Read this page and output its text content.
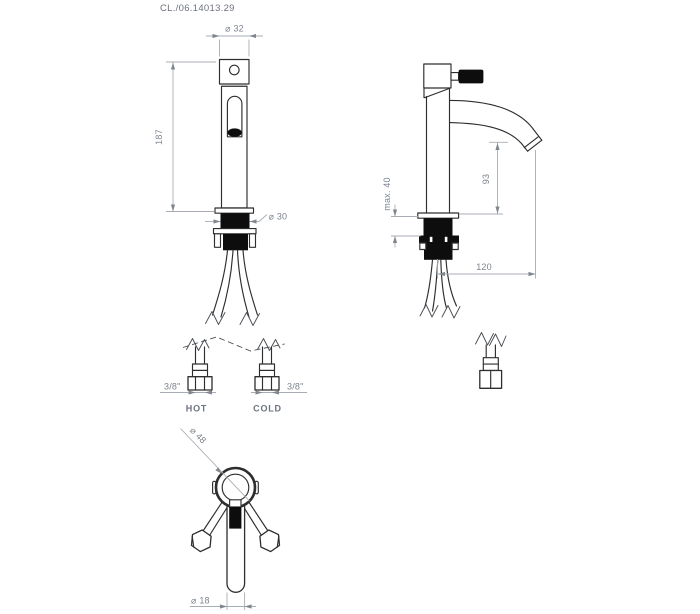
CL./06.14013.29
⌀ 32
187
⌀ 30
max. 40	93
120
3/8"
HOT
3/8"
COLD
⌀ 48
⌀ 18
